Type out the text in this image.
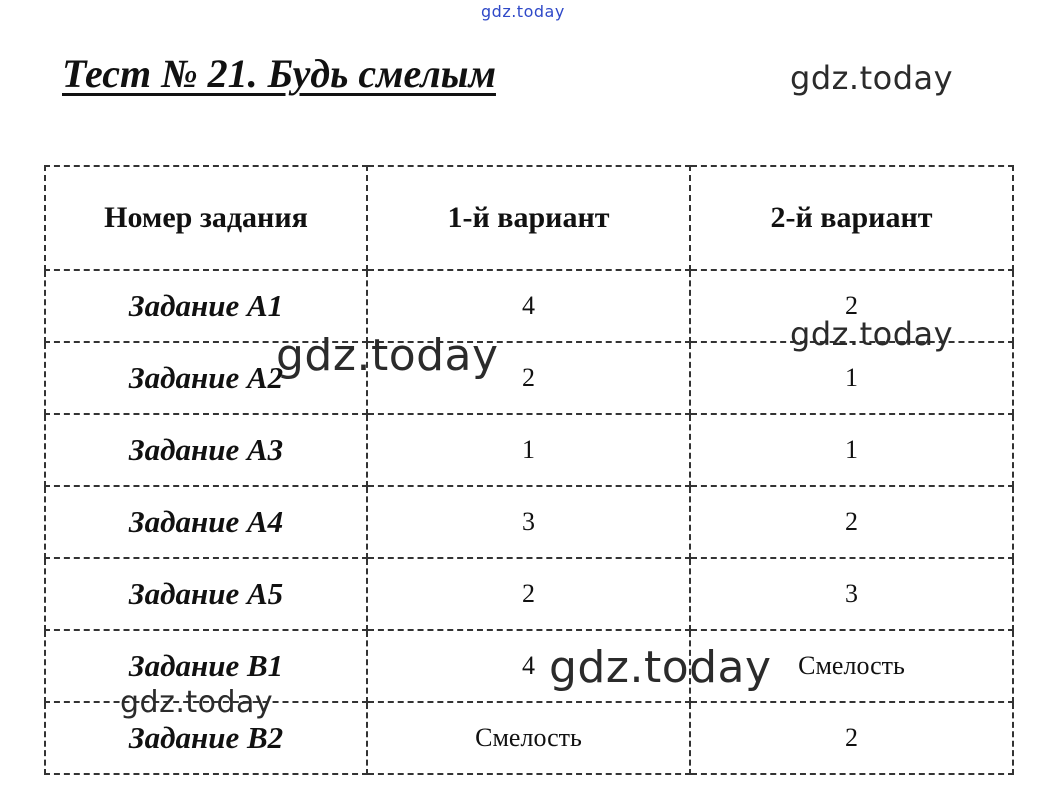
Тест № 21. Будь смелым
Номер задания	1-й вариант	2-й вариант
Задание А1	4	2
Задание А2	2	1
Задание А3	1	1
Задание А4	3	2
Задание А5	2	3
Задание В1	4	Смелость
Задание В2	Смелость	2
gdz.today
gdz.today
gdz.today
gdz.today
gdz.today
gdz.today
